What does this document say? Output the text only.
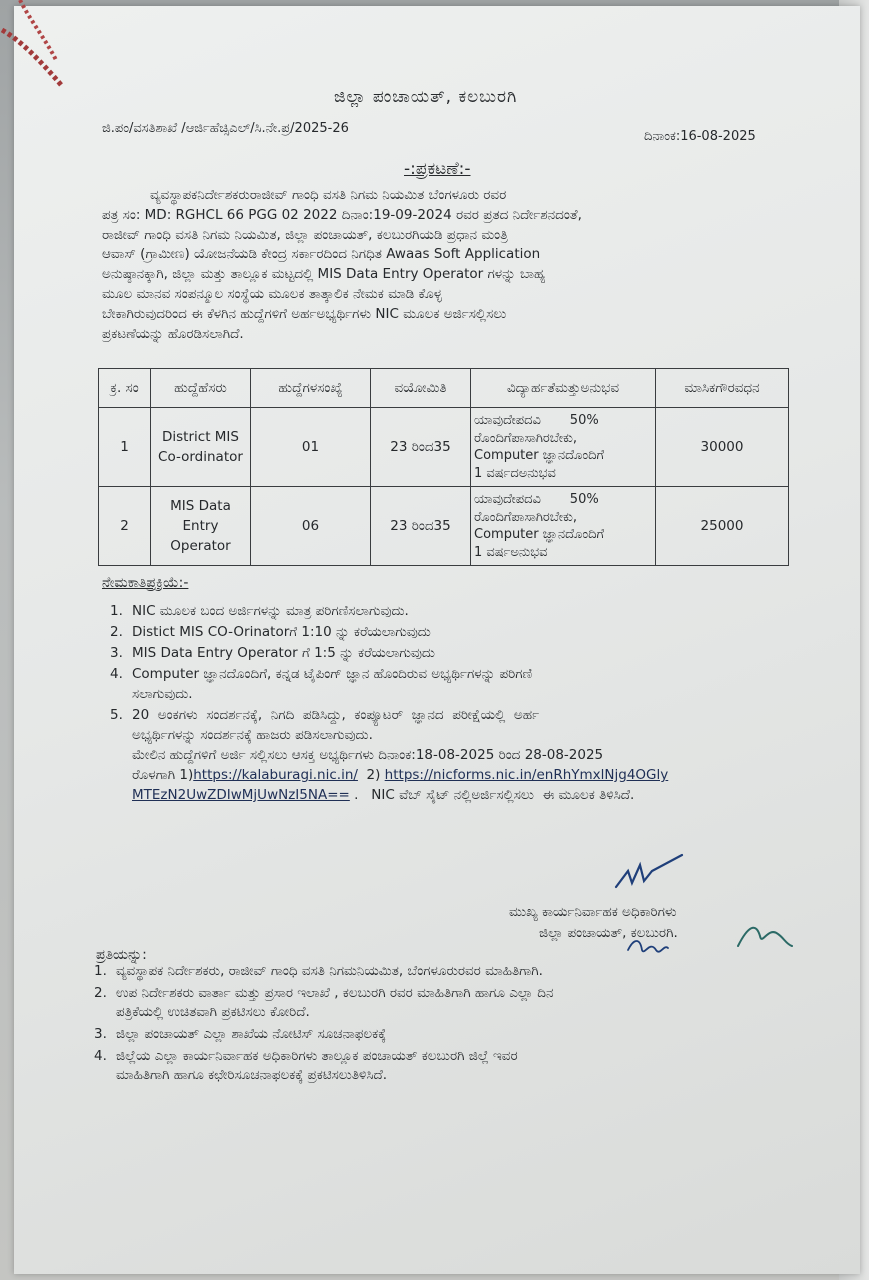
ಜಿಲ್ಲಾ ಪಂಚಾಯತ್, ಕಲಬುರಗಿ
ಜಿ.ಪಂ/ವಸತಿಶಾಖೆ /ಆರ್ಜಿಹೆಚ್ಸಿಎಲ್/ಸಿ.ನೇ.ಪ್ರ/2025-26
ದಿನಾಂಕ:16-08-2025
-:ಪ್ರಕಟಣೆ:-
ವ್ಯವಸ್ಥಾಪಕನಿರ್ದೇಶಕರುರಾಜೀವ್ ಗಾಂಧಿ ವಸತಿ ನಿಗಮ ನಿಯಮಿತ ಬೆಂಗಳೂರು ರವರ
ಪತ್ರ ಸಂ: MD: RGHCL 66 PGG 02 2022 ದಿನಾಂ:19-09-2024 ರವರ ಪ್ರತದ ನಿರ್ದೇಶನದಂತೆ,
ರಾಜೀವ್ ಗಾಂಧಿ ವಸತಿ ನಿಗಮ ನಿಯಮಿತ, ಜಿಲ್ಲಾ ಪಂಚಾಯತ್, ಕಲಬುರಗಿಯಡಿ ಪ್ರಧಾನ ಮಂತ್ರಿ
ಆವಾಸ್ (ಗ್ರಾಮೀಣ) ಯೋಜನೆಯಡಿ ಕೇಂದ್ರ ಸರ್ಕಾರದಿಂದ ನಿಗಧಿತ Awaas Soft Application
ಅನುಷ್ಠಾನಕ್ಕಾಗಿ, ಜಿಲ್ಲಾ ಮತ್ತು ತಾಲ್ಲೂಕ ಮಟ್ಟದಲ್ಲಿ MIS Data Entry Operator ಗಳನ್ನು ಬಾಹ್ಯ
ಮೂಲ ಮಾನವ ಸಂಪನ್ಮೂಲ ಸಂಸ್ಥೆಯ ಮೂಲಕ ತಾತ್ಕಾಲಿಕ ನೇಮಕ ಮಾಡಿ ಕೊಳ್ಳ
ಬೇಕಾಗಿರುವುದರಿಂದ ಈ ಕೆಳಗಿನ ಹುದ್ದೆಗಳಿಗೆ ಅರ್ಹಅಭ್ಯರ್ಥಿಗಳು NIC ಮೂಲಕ ಅರ್ಜಿಸಲ್ಲಿಸಲು
ಪ್ರಕಟಣೆಯನ್ನು ಹೊರಡಿಸಲಾಗಿದೆ.
ಕ್ರ. ಸಂ	ಹುದ್ದೆಹೆಸರು	ಹುದ್ದೆಗಳಸಂಖ್ಯೆ	ವಯೋಮಿತಿ	ವಿದ್ಯಾರ್ಹತೆಮತ್ತುಅನುಭವ	ಮಾಸಿಕಗೌರವಧನ
1	District MIS Co-ordinator	01	23 ರಿಂದ35	ಯಾವುದೇಪದವಿ       50%
ರೊಂದಿಗೆಪಾಸಾಗಿರಬೇಕು,
Computer ಜ್ಞಾನದೊಂದಿಗೆ
1 ವರ್ಷದಅನುಭವ	30000
2	MIS Data Entry Operator	06	23 ರಿಂದ35	ಯಾವುದೇಪದವಿ       50%
ರೊಂದಿಗೆಪಾಸಾಗಿರಬೇಕು,
Computer ಜ್ಞಾನದೊಂದಿಗೆ
1 ವರ್ಷಅನುಭವ	25000
ನೇಮಕಾತಿಪ್ರಕ್ರಿಯೆ:-
1. NIC ಮೂಲಕ ಬಂದ ಅರ್ಜಿಗಳನ್ನು ಮಾತ್ರ ಪರಿಗಣಿಸಲಾಗುವುದು.
2. Distict MIS CO-Orinatorಗೆ 1:10 ನ್ನು ಕರೆಯಲಾಗುವುದು
3. MIS Data Entry Operator ಗೆ 1:5 ನ್ನು ಕರೆಯಲಾಗುವುದು
4. Computer ಜ್ಞಾನದೊಂದಿಗೆ, ಕನ್ನಡ ಟೈಪಿಂಗ್ ಜ್ಞಾನ ಹೊಂದಿರುವ ಅಭ್ಯರ್ಥಿಗಳನ್ನು ಪರಿಗಣಿ
ಸಲಾಗುವುದು.
5. 20  ಅಂಕಗಳು  ಸಂದರ್ಶನಕ್ಕೆ,  ನಿಗದಿ  ಪಡಿಸಿದ್ದು,  ಕಂಪ್ಯೂಟರ್  ಜ್ಞಾನದ  ಪರೀಕ್ಷೆಯಲ್ಲಿ  ಅರ್ಹ
ಅಭ್ಯರ್ಥಿಗಳನ್ನು ಸಂದರ್ಶನಕ್ಕೆ ಹಾಜರು ಪಡಿಸಲಾಗುವುದು.
ಮೇಲಿನ ಹುದ್ದೆಗಳಿಗೆ ಅರ್ಜಿ ಸಲ್ಲಿಸಲು ಆಸಕ್ತ ಅಭ್ಯರ್ಥಿಗಳು ದಿನಾಂಕ:18-08-2025 ರಿಂದ 28-08-2025
ರೊಳಗಾಗಿ 1)https://kalaburagi.nic.in/  2) https://nicforms.nic.in/enRhYmxlNjg4OGly
MTEzN2UwZDIwMjUwNzI5NA== .   NIC ವೆಬ್ ಸೈಟ್ ನಲ್ಲಿಅರ್ಜಿಸಲ್ಲಿಸಲು  ಈ ಮೂಲಕ ತಿಳಿಸಿದೆ.
ಮುಖ್ಯ ಕಾರ್ಯನಿರ್ವಾಹಕ ಅಧಿಕಾರಿಗಳು
ಜಿಲ್ಲಾ ಪಂಚಾಯತ್, ಕಲಬುರಗಿ.
ಪ್ರತಿಯನ್ನು:
1. ವ್ಯವಸ್ಥಾಪಕ ನಿರ್ದೇಶಕರು, ರಾಜೀವ್ ಗಾಂಧಿ ವಸತಿ ನಿಗಮನಿಯಮಿತ, ಬೆಂಗಳೂರುರವರ ಮಾಹಿತಿಗಾಗಿ.
2. ಉಪ ನಿರ್ದೇಶಕರು ವಾರ್ತಾ ಮತ್ತು ಪ್ರಸಾರ ಇಲಾಖೆ , ಕಲಬುರಗಿ ರವರ ಮಾಹಿತಿಗಾಗಿ ಹಾಗೂ ಎಲ್ಲಾ ದಿನ
ಪತ್ರಿಕೆಯಲ್ಲಿ ಉಚಿತವಾಗಿ ಪ್ರಕಟಿಸಲು ಕೋರಿದೆ.
3. ಜಿಲ್ಲಾ ಪಂಚಾಯತ್ ಎಲ್ಲಾ ಶಾಖೆಯ ನೋಟಿಸ್ ಸೂಚನಾಫಲಕಕ್ಕೆ
4. ಜಿಲ್ಲೆಯ ಎಲ್ಲಾ ಕಾರ್ಯನಿರ್ವಾಹಕ ಅಧಿಕಾರಿಗಳು ತಾಲ್ಲೂಕ ಪಂಚಾಯತ್ ಕಲಬುರಗಿ ಜಿಲ್ಲೆ ಇವರ
ಮಾಹಿತಿಗಾಗಿ ಹಾಗೂ ಕಛೇರಿಸೂಚನಾಫಲಕಕ್ಕೆ ಪ್ರಕಟಿಸಲುತಿಳಿಸಿದೆ.
